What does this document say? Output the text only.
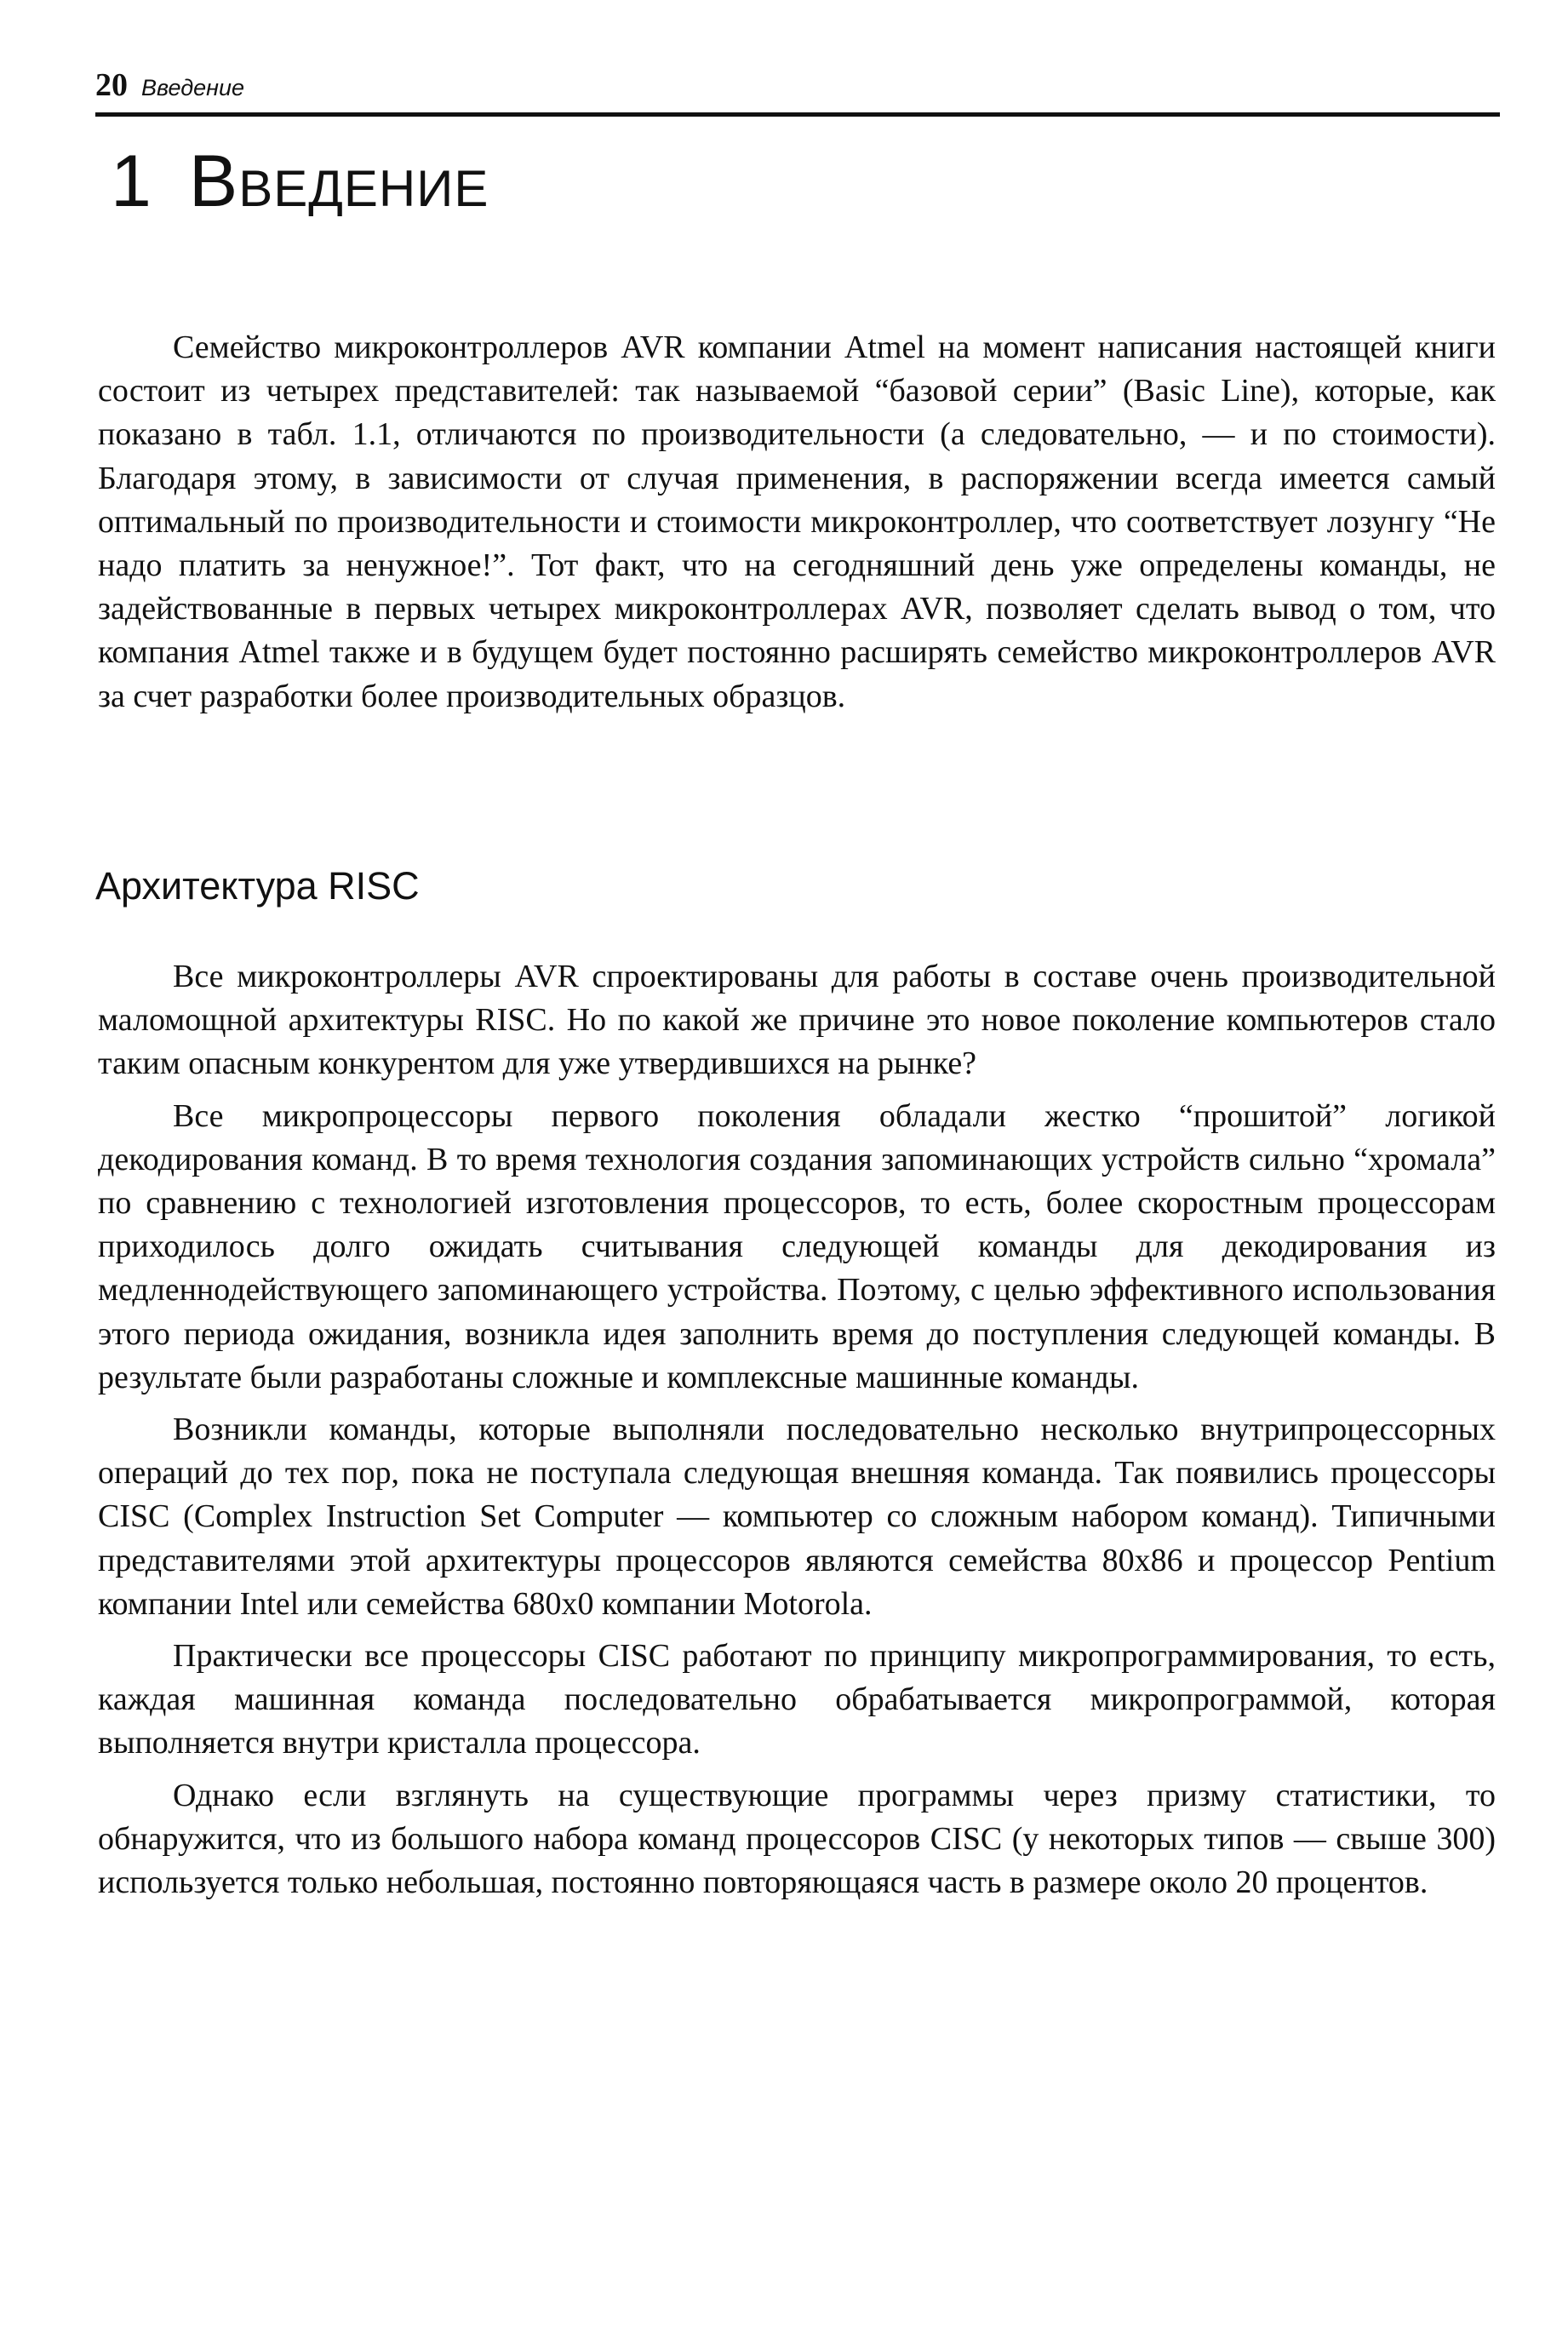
20 Введение
1 Введение

Семейство микроконтроллеров AVR компании Atmel на момент написания настоящей книги состоит из четырех представителей: так называемой “базовой серии” (Basic Line), которые, как показано в табл. 1.1, отличаются по производительности (а следовательно, — и по стоимости). Благодаря этому, в зависимости от случая применения, в распоряжении всегда имеется самый оптимальный по производительности и стоимости микроконтроллер, что соответствует лозунгу “Не надо платить за ненужное!”. Тот факт, что на сегодняшний день уже определены команды, не задействованные в первых четырех микроконтроллерах AVR, позволяет сделать вывод о том, что компания Atmel также и в будущем будет постоянно расширять семейство микроконтроллеров AVR за счет разработки более производительных образцов.

Архитектура RISC

Все микроконтроллеры AVR спроектированы для работы в составе очень производительной маломощной архитектуры RISC. Но по какой же причине это новое поколение компьютеров стало таким опасным конкурентом для уже утвердившихся на рынке?

Все микропроцессоры первого поколения обладали жестко “прошитой” логикой декодирования команд. В то время технология создания запоминающих устройств сильно “хромала” по сравнению с технологией изготовления процессоров, то есть, более скоростным процессорам приходилось долго ожидать считывания следующей команды для декодирования из медленнодействующего запоминающего устройства. Поэтому, с целью эффективного использования этого периода ожидания, возникла идея заполнить время до поступления следующей команды. В результате были разработаны сложные и комплексные машинные команды.

Возникли команды, которые выполняли последовательно несколько внутрипроцессорных операций до тех пор, пока не поступала следующая внешняя команда. Так появились процессоры CISC (Complex Instruction Set Computer — компьютер со сложным набором команд). Типичными представителями этой архитектуры процессоров являются семейства 80x86 и процессор Pentium компании Intel или семейства 680x0 компании Motorola.

Практически все процессоры CISC работают по принципу микропрограммирования, то есть, каждая машинная команда последовательно обрабатывается микропрограммой, которая выполняется внутри кристалла процессора.

Однако если взглянуть на существующие программы через призму статистики, то обнаружится, что из большого набора команд процессоров CISC (у некоторых типов — свыше 300) используется только небольшая, постоянно повторяющаяся часть в размере около 20 процентов.
